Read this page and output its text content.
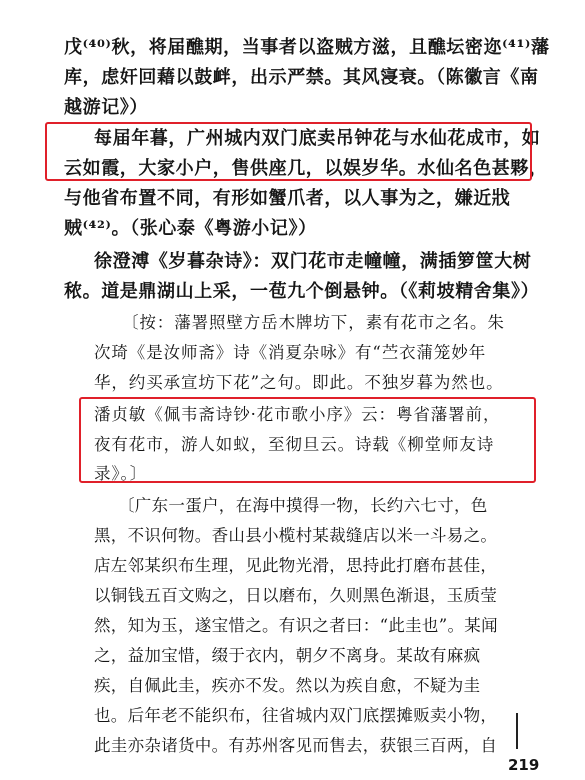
戊⁽⁴⁰⁾秋，将届醮期，当事者以盗贼方滋，且醮坛密迩⁽⁴¹⁾藩
库，虑奸回藉以鼓衅，出示严禁。其风寖衰。（陈徽言《南
越游记》）
每届年暮，广州城内双门底卖吊钟花与水仙花成市，如
云如霞，大家小户，售供座几，以娱岁华。水仙名色甚夥，
与他省布置不同，有形如蟹爪者，以人事为之，嫌近戕
贼⁽⁴²⁾。（张心泰《粤游小记》）
徐澄溥《岁暮杂诗》：双门花市走幢幢，满插箩筐大树
秾。道是鼎湖山上采，一苞九个倒悬钟。（《莉坡精舍集》）
〔按：藩署照壁方岳木牌坊下，素有花市之名。朱
次琦《是汝师斋》诗《消夏杂咏》有“苎衣蒲笼妙年
华，约买承宣坊下花”之句。即此。不独岁暮为然也。
潘贞敏《佩韦斋诗钞·花市歌小序》云：粤省藩署前，
夜有花市，游人如蚁，至彻旦云。诗载《柳堂师友诗
录》。〕
〔广东一蛋户，在海中摸得一物，长约六七寸，色
黑，不识何物。香山县小榄村某裁缝店以米一斗易之。
店左邻某织布生理，见此物光滑，思持此打磨布甚佳，
以铜钱五百文购之，日以磨布，久则黑色渐退，玉质莹
然，知为玉，遂宝惜之。有识之者曰：“此圭也”。某闻
之，益加宝惜，缀于衣内，朝夕不离身。某故有麻疯
疾，自佩此圭，疾亦不发。然以为疾自愈，不疑为圭
也。后年老不能织布，往省城内双门底摆摊贩卖小物，
此圭亦杂诸货中。有苏州客见而售去，获银三百两，自
219
